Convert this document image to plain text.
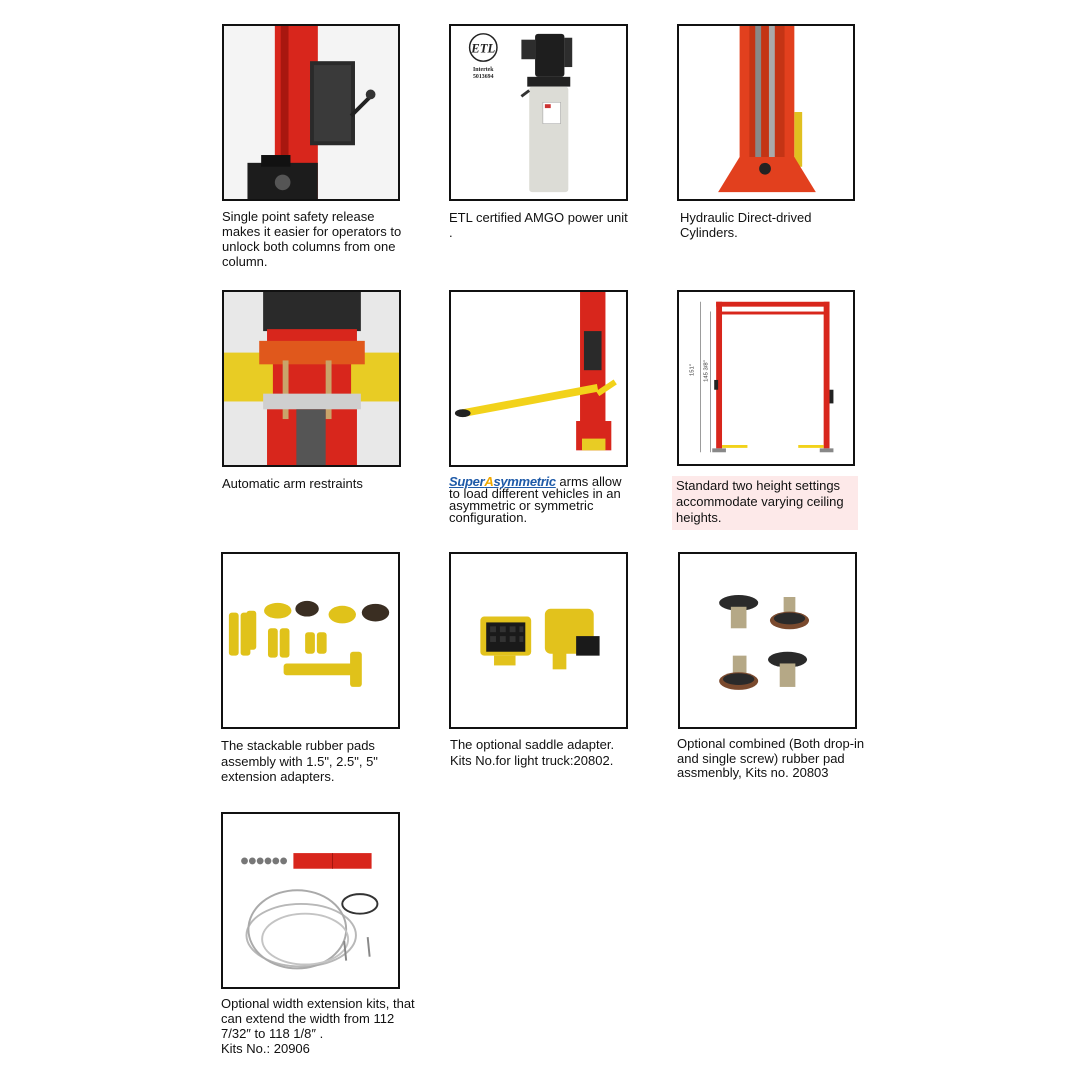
Single point safety release makes it easier for operators to unlock both columns from one column.
ETL
Intertek
5013694
ETL certified AMGO power unit .
Hydraulic Direct-drived Cylinders.
Automatic arm restraints	SuperAsymmetric arms allow to load different vehicles in an asymmetric or symmetric configuration.
151" 145 3/8"
Standard two height settings accommodate varying ceiling heights.
The stackable rubber pads assembly with 1.5", 2.5", 5" extension adapters.
The optional saddle adapter.
Kits No.for light truck:20802.
Optional combined (Both drop-in and single screw) rubber pad assmenbly, Kits no. 20803
Optional width extension kits, that can extend the width from 112 7/32″ to 118 1/8″ .
Kits No.: 20906
